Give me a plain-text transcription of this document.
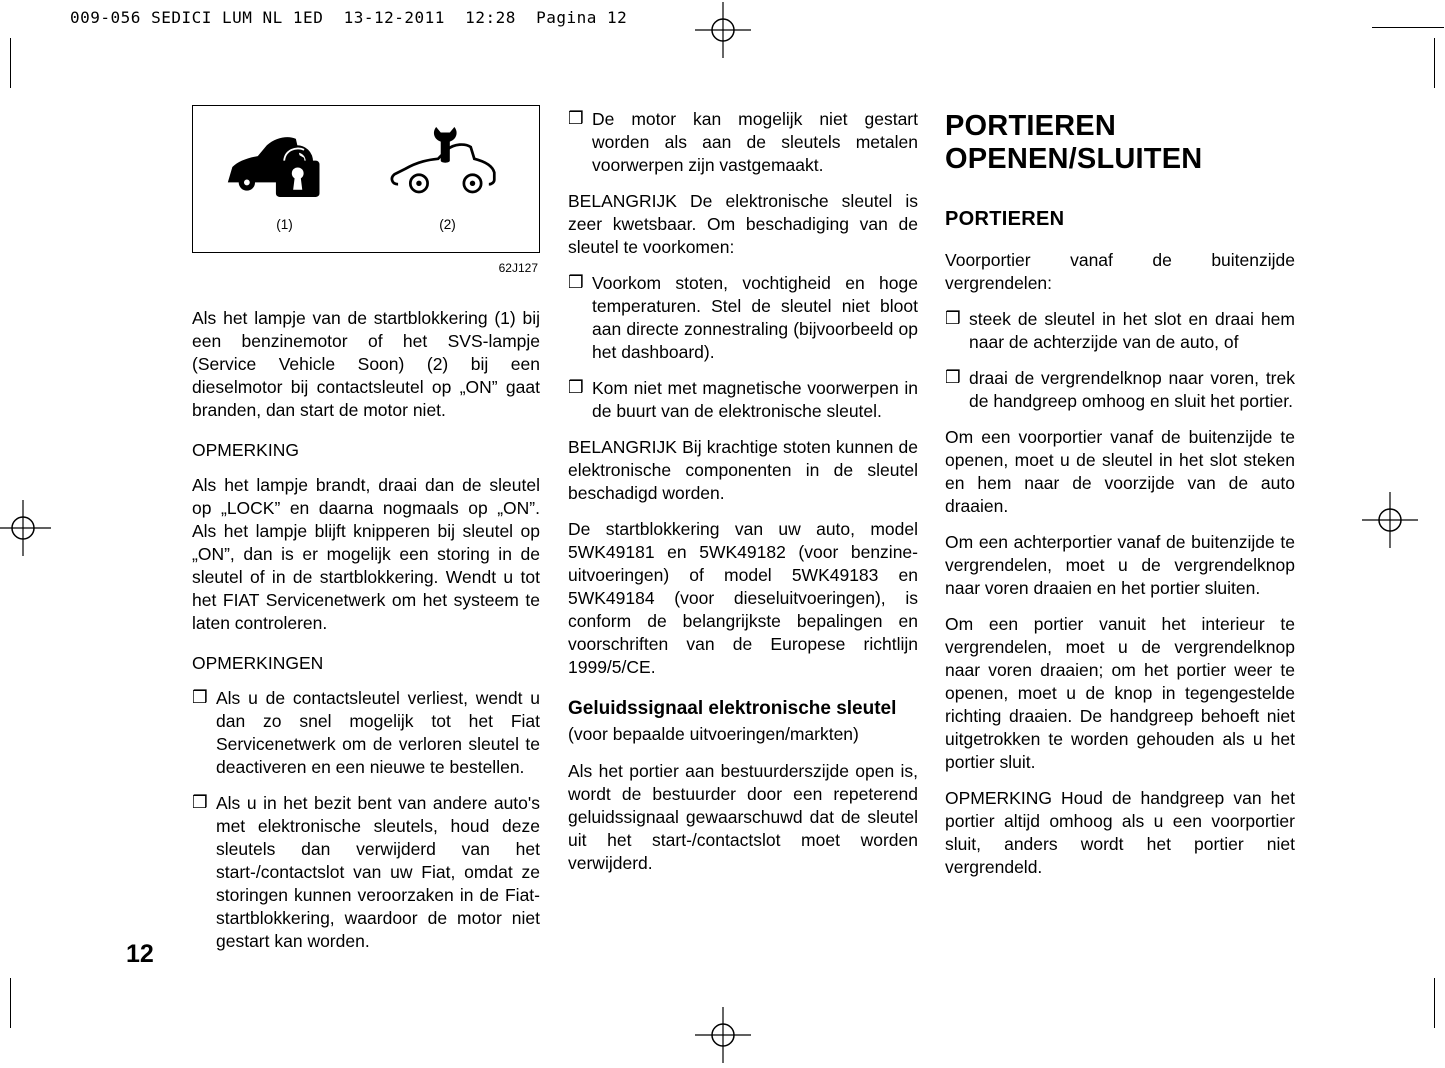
009-056 SEDICI LUM NL 1ED  13-12-2011  12:28  Pagina 12
(1)	(2)
62J127

Als het lampje van de startblokkering (1) bij een benzinemotor of het SVS-lampje (Service Vehicle Soon) (2) bij een dieselmotor bij contactsleutel op „ON” gaat branden, dan start de motor niet.

OPMERKING

Als het lampje brandt, draai dan de sleutel op „LOCK” en daarna nogmaals op „ON”. Als het lampje blijft knipperen bij sleutel op „ON”, dan is er mogelijk een storing in de sleutel of in de startblokkering. Wendt u tot het FIAT Servicenetwerk om het systeem te laten controleren.

OPMERKINGEN
❒ Als u de contactsleutel verliest, wendt u dan zo snel mogelijk tot het Fiat Servicenetwerk om de verloren sleutel te deactiveren en een nieuwe te bestellen.
❒ Als u in het bezit bent van andere auto's met elektronische sleutels, houd deze sleutels dan verwijderd van het start-/contactslot van uw Fiat, omdat ze storingen kunnen veroorzaken in de Fiat-startblokkering, waardoor de motor niet gestart kan worden.
❒ De motor kan mogelijk niet gestart worden als aan de sleutels metalen voorwerpen zijn vastgemaakt.

BELANGRIJK De elektronische sleutel is zeer kwetsbaar. Om beschadiging van de sleutel te voorkomen:

❒ Voorkom stoten, vochtigheid en hoge temperaturen. Stel de sleutel niet bloot aan directe zonnestraling (bijvoorbeeld op het dashboard).
❒ Kom niet met magnetische voorwerpen in de buurt van de elektronische sleutel.

BELANGRIJK Bij krachtige stoten kunnen de elektronische componenten in de sleutel beschadigd worden.

De startblokkering van uw auto, model 5WK49181 en 5WK49182 (voor benzine-uitvoeringen) of model 5WK49183 en 5WK49184 (voor dieseluitvoeringen), is conform de belangrijkste bepalingen en voorschriften van de Europese richtlijn 1999/5/CE.

Geluidssignaal elektronische sleutel
(voor bepaalde uitvoeringen/markten)

Als het portier aan bestuurderszijde open is, wordt de bestuurder door een repeterend geluidssignaal gewaarschuwd dat de sleutel uit het start-/contactslot moet worden verwijderd.

PORTIEREN OPENEN/SLUITEN
PORTIEREN

Voorportier vanaf de buitenzijde vergrendelen:

❒ steek de sleutel in het slot en draai hem naar de achterzijde van de auto, of
❒ draai de vergrendelknop naar voren, trek de handgreep omhoog en sluit het portier.

Om een voorportier vanaf de buitenzijde te openen, moet u de sleutel in het slot steken en hem naar de voorzijde van de auto draaien.

Om een achterportier vanaf de buitenzijde te vergrendelen, moet u de vergrendelknop naar voren draaien en het portier sluiten.

Om een portier vanuit het interieur te vergrendelen, moet u de vergrendelknop naar voren draaien; om het portier weer te openen, moet u de knop in tegengestelde richting draaien. De handgreep behoeft niet uitgetrokken te worden gehouden als u het portier sluit.

OPMERKING Houd de handgreep van het portier altijd omhoog als u een voorportier sluit, anders wordt het portier niet vergrendeld.

12
